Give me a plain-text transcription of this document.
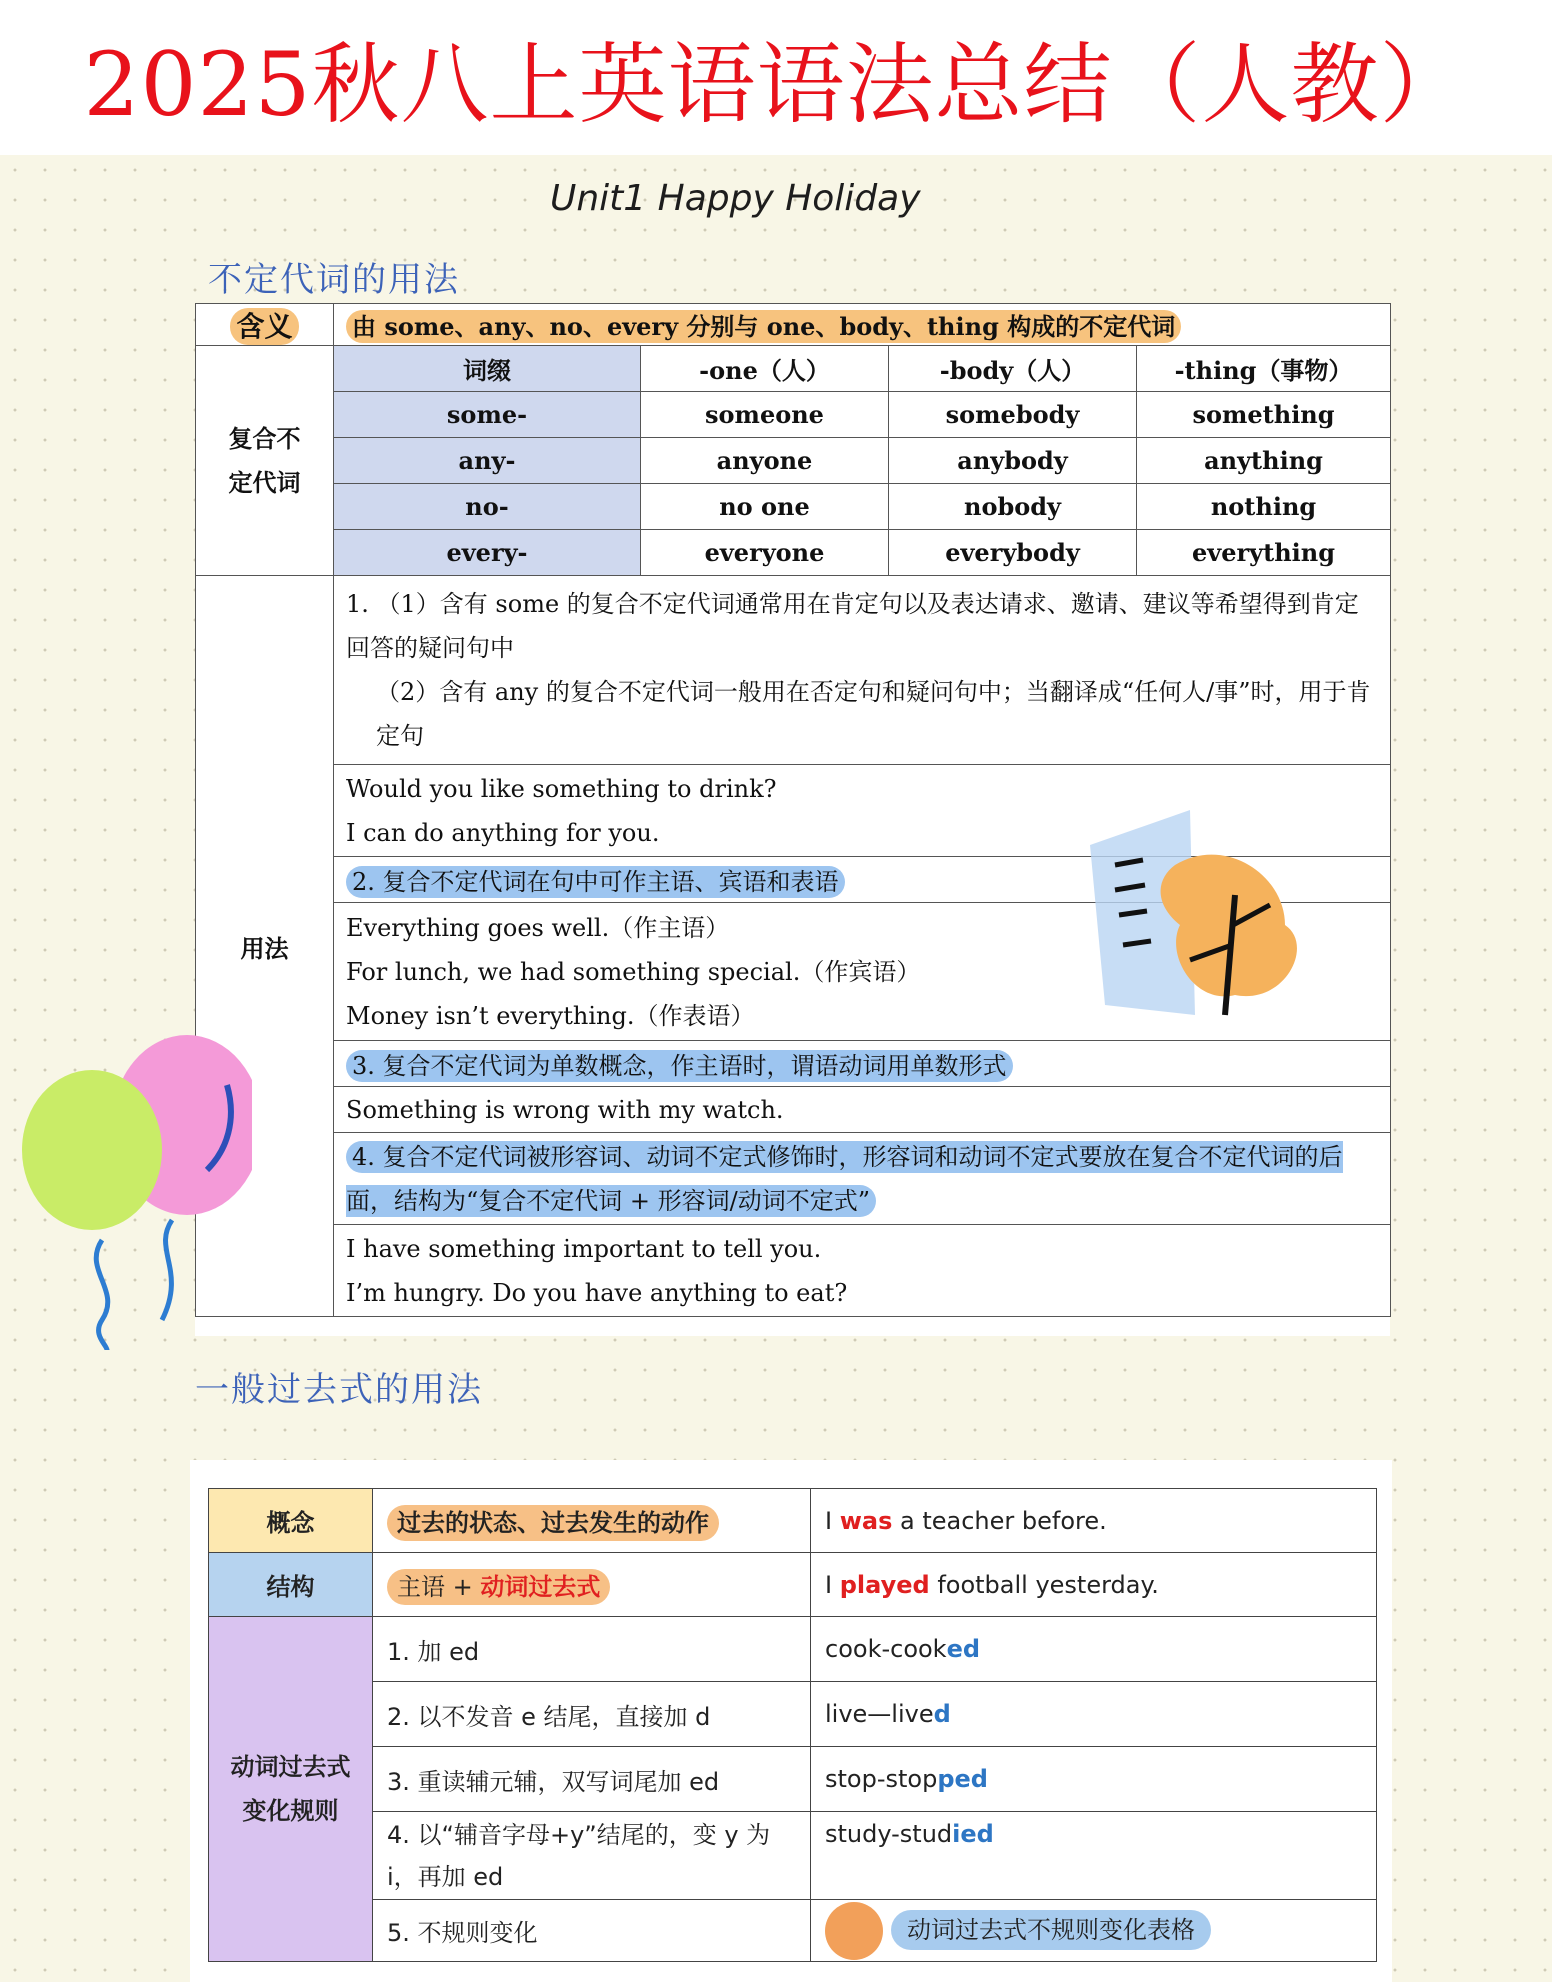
2025秋八上英语语法总结（人教）
Unit1 Happy Holiday
不定代词的用法
含义	由 some、any、no、every 分别与 one、body、thing 构成的不定代词			
复合不定代词	词缀	-one（人）	-body（人）	-thing（事物）
	some-	someone	somebody	something
	any-	anyone	anybody	anything
	no-	no one	nobody	nothing
	every-	everyone	everybody	everything
用法	1. （1）含有 some 的复合不定代词通常用在肯定句以及表达请求、邀请、建议等希望得到肯定回答的疑问句中
（2）含有 any 的复合不定代词一般用在否定句和疑问句中；当翻译成“任何人/事”时，用于肯定句			

	Would you like something to drink?
I can do anything for you.			

	2. 复合不定代词在句中可作主语、宾语和表语			

	Everything goes well.（作主语）
For lunch, we had something special.（作宾语）
Money isn’t everything.（作表语）			

	3. 复合不定代词为单数概念，作主语时，谓语动词用单数形式			
	Something is wrong with my watch.			
	4. 复合不定代词被形容词、动词不定式修饰时，形容词和动词不定式要放在复合不定代词的后面，结构为“复合不定代词 + 形容词/动词不定式”			

	I have something important to tell you.
I’m hungry. Do you have anything to eat?			
一般过去式的用法
概念	过去的状态、过去发生的动作	I was a teacher before.
结构	主语 + 动词过去式	I played football yesterday.
动词过去式变化规则	1. 加 ed	cook-cooked
	2. 以不发音 e 结尾，直接加 d	live—lived
	3. 重读辅元辅，双写词尾加 ed	stop-stopped
	4. 以“辅音字母+y”结尾的，变 y 为 i，再加 ed	study-studied
	5. 不规则变化	动词过去式不规则变化表格
